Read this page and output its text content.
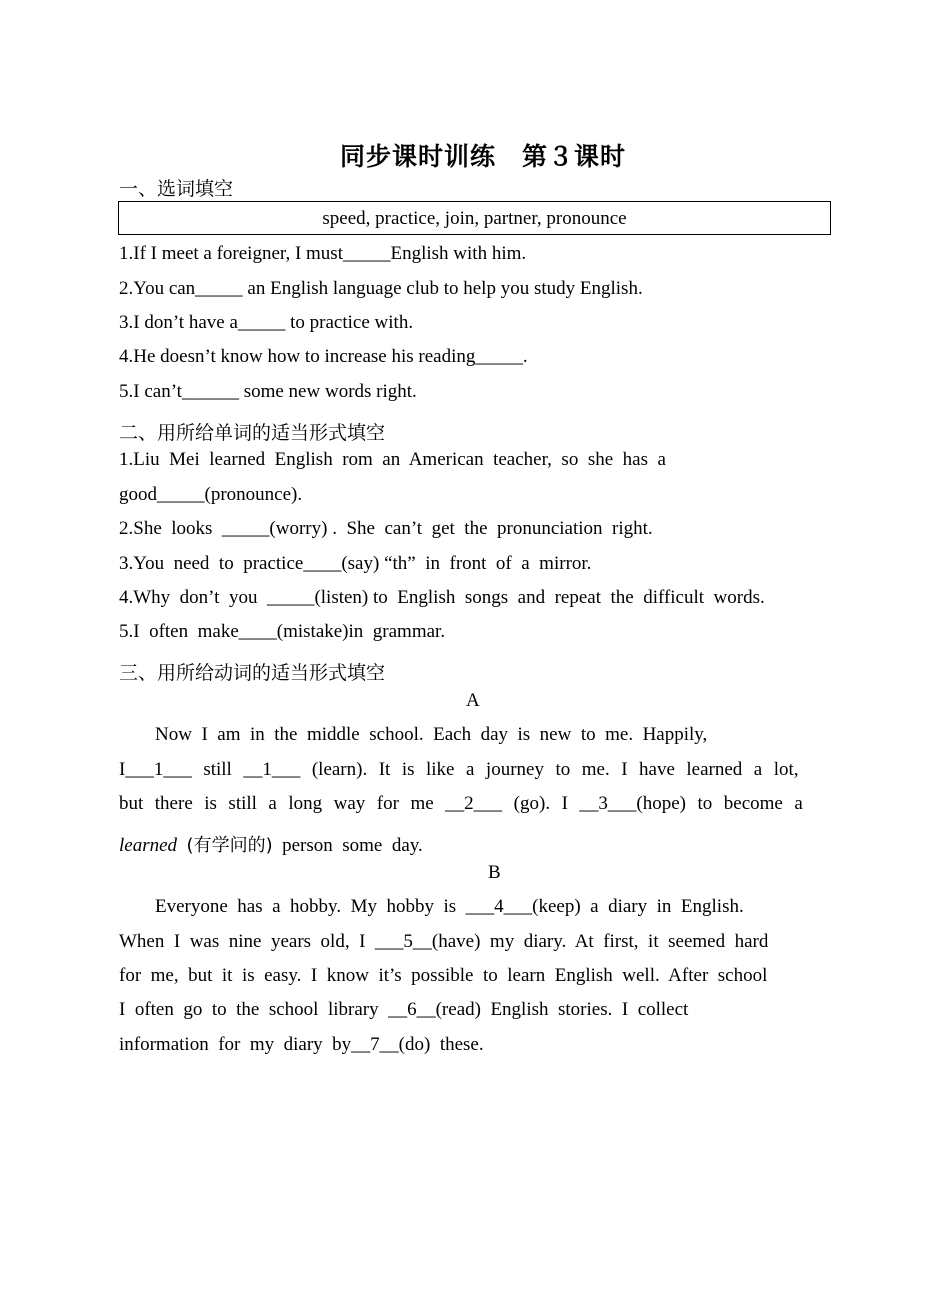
同步课时训练　第３课时
一、选词填空
speed, practice, join, partner, pronounce
1.If I meet a foreigner, I must_____English with him.
2.You can_____ an English language club to help you study English.
3.I don’t have a_____ to practice with.
4.He doesn’t know how to increase his reading_____.
5.I can’t______ some new words right.
二、用所给单词的适当形式填空
1.Liu  Mei  learned  English  rom  an  American  teacher,  so  she  has  a
good_____(pronounce).
2.She  looks  _____(worry) .  She  can’t  get  the  pronunciation  right.
3.You  need  to  practice____(say) “th”  in  front  of  a  mirror.
4.Why  don’t  you  _____(listen) to  English  songs  and  repeat  the  difficult  words.
5.I  often  make____(mistake)in  grammar.
三、用所给动词的适当形式填空
A
Now  I  am  in  the  middle  school.  Each  day  is  new  to  me.  Happily,
I___1___  still  __1___  (learn).  It  is  like  a  journey  to  me.  I  have  learned  a  lot,
but  there  is  still  a  long  way  for  me  __2___  (go).  I  __3___(hope)  to  become  a
learned (有学问的) person  some  day.
B
Everyone  has  a  hobby.  My  hobby  is  ___4___(keep)  a  diary  in  English.
When  I  was  nine  years  old,  I  ___5__(have)  my  diary.  At  first,  it  seemed  hard
for  me,  but  it  is  easy.  I  know  it’s  possible  to  learn  English  well.  After  school
I  often  go  to  the  school  library  __6__(read)  English  stories.  I  collect
information  for  my  diary  by__7__(do)  these.
